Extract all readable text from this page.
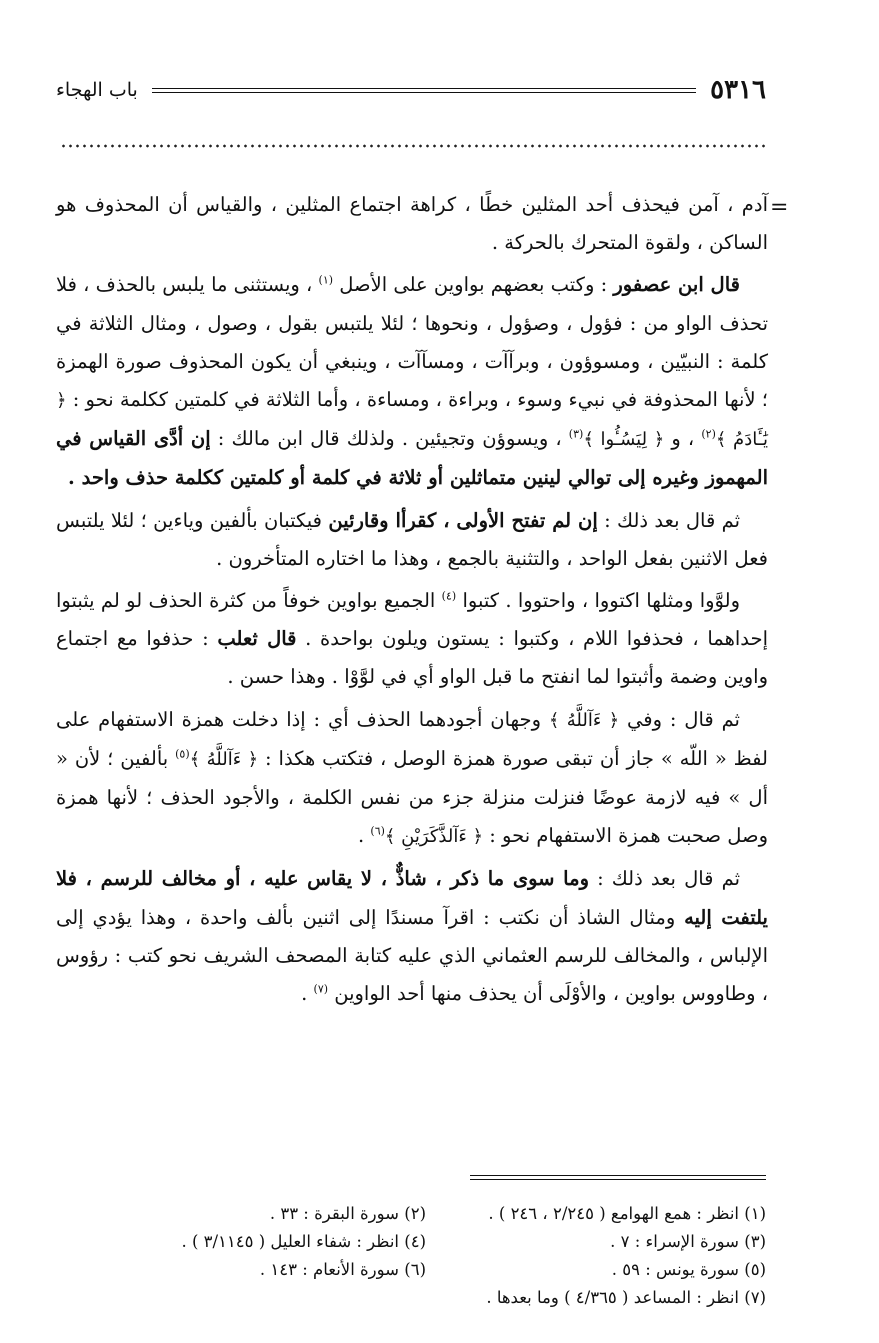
٥٣١٦
باب الهجاء
=

آدم ، آمن فيحذف أحد المثلين خطًا ، كراهة اجتماع المثلين ، والقياس أن المحذوف هو الساكن ، ولقوة المتحرك بالحركة .

قال ابن عصفور : وكتب بعضهم بواوين على الأصل $^{(١)}$ ، ويستثنى ما يلبس بالحذف ، فلا تحذف الواو من : فؤول ، وصؤول ، ونحوها ؛ لئلا يلتبس بقول ، وصول ، ومثال الثلاثة في كلمة : النبيّين ، ومسوؤون ، وبرآآت ، ومسآآت ، وينبغي أن يكون المحذوف صورة الهمزة ؛ لأنها المحذوفة في نبيء وسوء ، وبراءة ، ومساءة ، وأما الثلاثة في كلمتين ككلمة نحو : ﴿ يَٰـَٔادَمُ ﴾$^{(٢)}$ ، و ﴿ لِيَسُـُٔوا ﴾$^{(٣)}$ ، ويسوؤن وتجيئين . ولذلك قال ابن مالك : إن أدَّى القياس في المهموز وغيره إلى توالي لينين متماثلين أو ثلاثة في كلمة أو كلمتين ككلمة حذف واحد .

ثم قال بعد ذلك : إن لم تفتح الأولى ، كقرأا وقارئين فيكتبان بألفين وياءين ؛ لئلا يلتبس فعل الاثنين بفعل الواحد ، والتثنية بالجمع ، وهذا ما اختاره المتأخرون .

ولوَّوا ومثلها اكتووا ، واحتووا . كتبوا $^{(٤)}$ الجميع بواوين خوفاً من كثرة الحذف لو لم يثبتوا إحداهما ، فحذفوا اللام ، وكتبوا : يستون ويلون بواحدة . قال ثعلب : حذفوا مع اجتماع واوين وضمة وأثبتوا لما انفتح ما قبل الواو أي في لوَّوْا . وهذا حسن .

ثم قال : وفي ﴿ ءَآللَّهُ ﴾ وجهان أجودهما الحذف أي : إذا دخلت همزة الاستفهام على لفظ « اللّه » جاز أن تبقى صورة همزة الوصل ، فتكتب هكذا : ﴿ ءَآللَّهُ ﴾$^{(٥)}$ بألفين ؛ لأن « أل » فيه لازمة عوضًا فنزلت منزلة جزء من نفس الكلمة ، والأجود الحذف ؛ لأنها همزة وصل صحبت همزة الاستفهام نحو : ﴿ ءَآلذَّكَرَيْنِ ﴾$^{(٦)}$ .

ثم قال بعد ذلك : وما سوى ما ذكر ، شاذٌّ ، لا يقاس عليه ، أو مخالف للرسم ، فلا يلتفت إليه ومثال الشاذ أن نكتب : اقرآ مسندًا إلى اثنين بألف واحدة ، وهذا يؤدي إلى الإلباس ، والمخالف للرسم العثماني الذي عليه كتابة المصحف الشريف نحو كتب : رؤوس ، وطاووس بواوين ، والأوْلَى أن يحذف منها أحد الواوين $^{(٧)}$ .

(١) انظر : همع الهوامع ( ٢/٢٤٥ ، ٢٤٦ ) .
(٢) سورة البقرة : ٣٣ .
(٣) سورة الإسراء : ٧ .
(٤) انظر : شفاء العليل ( ٣/١١٤٥ ) .
(٥) سورة يونس : ٥٩ .
(٦) سورة الأنعام : ١٤٣ .
(٧) انظر : المساعد ( ٤/٣٦٥ ) وما بعدها .
